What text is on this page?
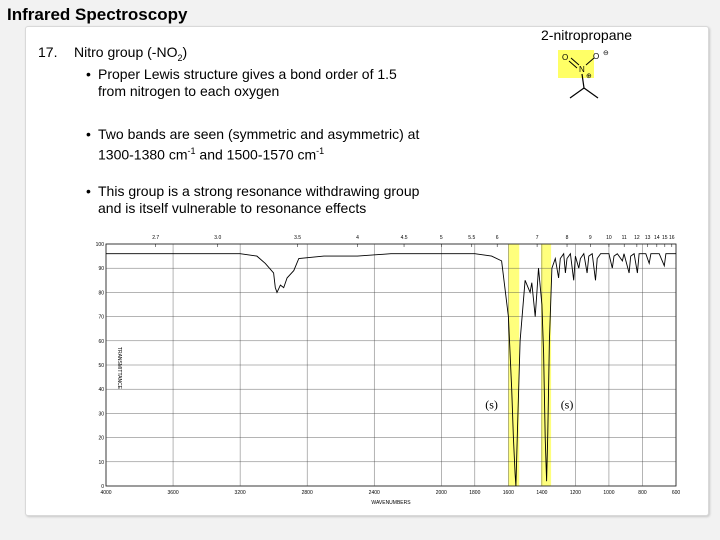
Infrared Spectroscopy
2-nitropropane
17. Nitro group $(-NO_2)$
• Proper Lewis structure gives a bond order of 1.5
from nitrogen to each oxygen
• Two bands are seen (symmetric and asymmetric) at
1300-1380 $cm^{-1}$ and 1500-1570 $cm^{-1}$
• This group is a strong resonance withdrawing group
and is itself vulnerable to resonance effects
O	O
N
⊕
⊖
100
90
80
70
60
50
40
30
20
10
0
4000	3600	3200	2800	2400	2000	1800	1600	1400	1200	1000	800	600
2.7	3.0	3.5	4	4.5	5	5.5	6	7	8	9	10 11 12 13 14 15 16
WAVENUMBERS
TRANSMITTANCE
(s)	(s)
